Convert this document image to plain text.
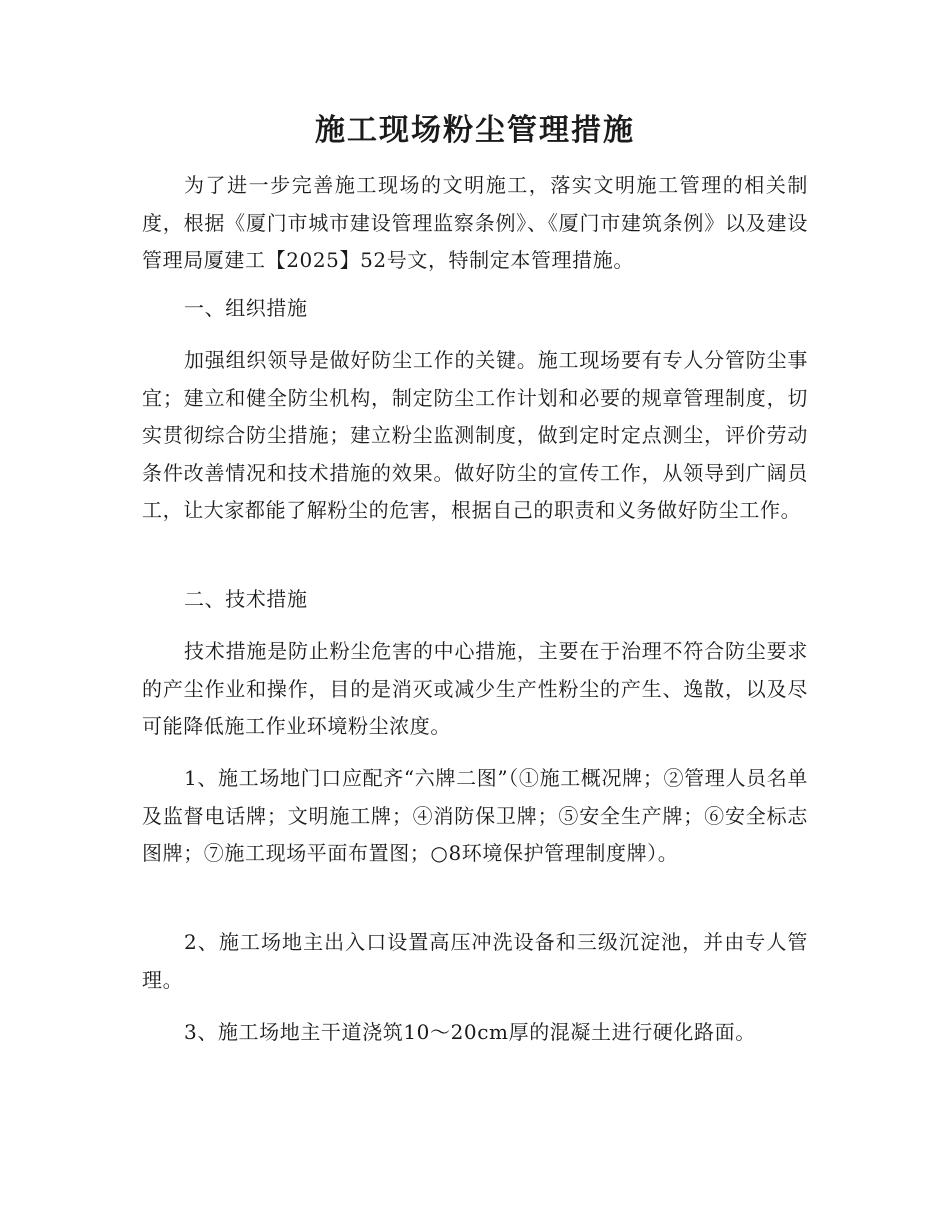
施工现场粉尘管理措施

为了进一步完善施工现场的文明施工，落实文明施工管理的相关制度，根据《厦门市城市建设管理监察条例》、《厦门市建筑条例》以及建设管理局厦建工【2025】52号文，特制定本管理措施。

一、组织措施

加强组织领导是做好防尘工作的关键。施工现场要有专人分管防尘事宜；建立和健全防尘机构，制定防尘工作计划和必要的规章管理制度，切实贯彻综合防尘措施；建立粉尘监测制度，做到定时定点测尘，评价劳动条件改善情况和技术措施的效果。做好防尘的宣传工作，从领导到广阔员工，让大家都能了解粉尘的危害，根据自己的职责和义务做好防尘工作。

二、技术措施

技术措施是防止粉尘危害的中心措施，主要在于治理不符合防尘要求的产尘作业和操作，目的是消灭或减少生产性粉尘的产生、逸散，以及尽可能降低施工作业环境粉尘浓度。

1、施工场地门口应配齐“六牌二图”（①施工概况牌；②管理人员名单及监督电话牌；文明施工牌；④消防保卫牌；⑤安全生产牌；⑥安全标志图牌；⑦施工现场平面布置图；○8环境保护管理制度牌）。

2、施工场地主出入口设置高压冲洗设备和三级沉淀池，并由专人管理。

3、施工场地主干道浇筑10～20cm厚的混凝土进行硬化路面。
